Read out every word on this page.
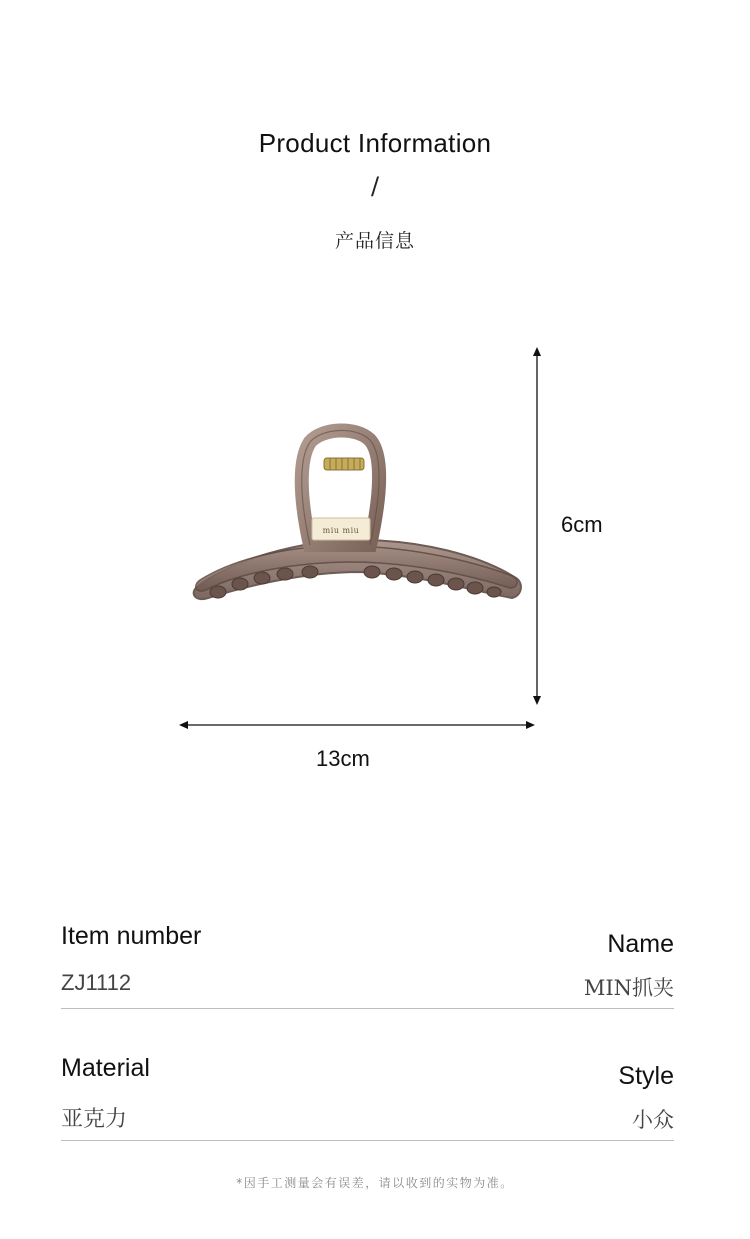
Product Information
/
产品信息
miu miu
13cm
6cm
Item number
ZJ1112
Name
MIN抓夹
Material
亚克力
Style
小众
*因手工测量会有误差，请以收到的实物为准。
